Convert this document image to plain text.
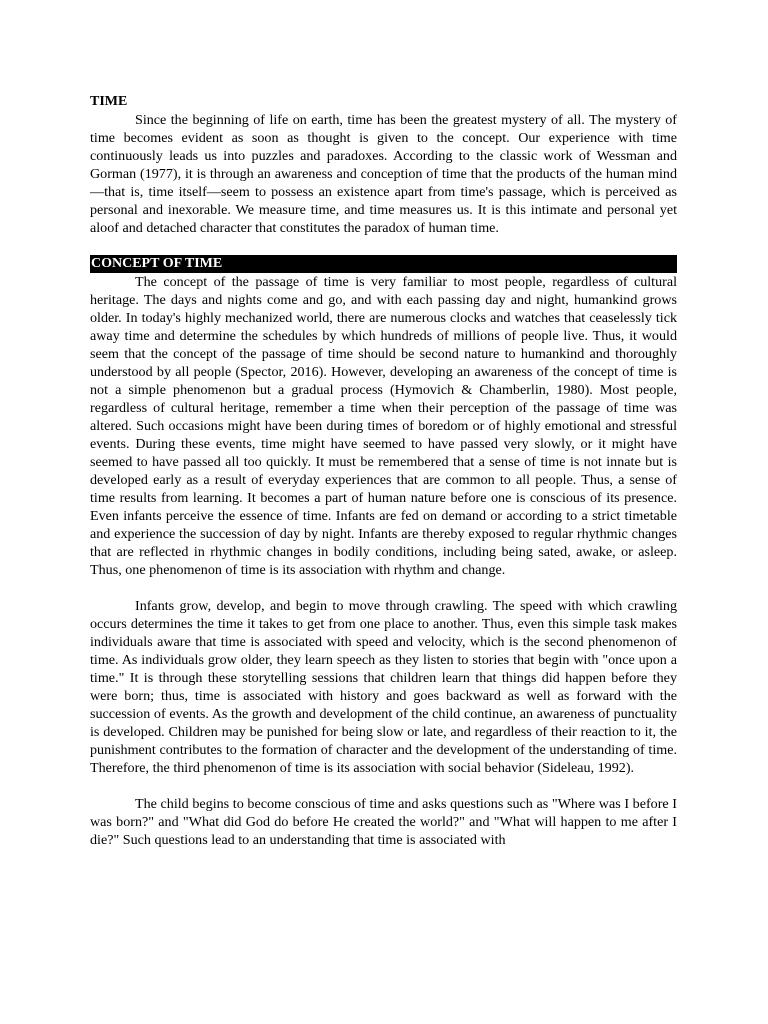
TIME

Since the beginning of life on earth, time has been the greatest mystery of all. The mystery of time becomes evident as soon as thought is given to the concept. Our experience with time continuously leads us into puzzles and paradoxes. According to the classic work of Wessman and Gorman (1977), it is through an awareness and conception of time that the products of the human mind—that is, time itself—seem to possess an existence apart from time's passage, which is perceived as personal and inexorable. We measure time, and time measures us. It is this intimate and personal yet aloof and detached character that constitutes the paradox of human time.

CONCEPT OF TIME

The concept of the passage of time is very familiar to most people, regardless of cultural heritage. The days and nights come and go, and with each passing day and night, humankind grows older. In today's highly mechanized world, there are numerous clocks and watches that ceaselessly tick away time and determine the schedules by which hundreds of millions of people live. Thus, it would seem that the concept of the passage of time should be second nature to humankind and thoroughly understood by all people (Spector, 2016). However, developing an awareness of the concept of time is not a simple phenomenon but a gradual process (Hymovich & Chamberlin, 1980). Most people, regardless of cultural heritage, remember a time when their perception of the passage of time was altered. Such occasions might have been during times of boredom or of highly emotional and stressful events. During these events, time might have seemed to have passed very slowly, or it might have seemed to have passed all too quickly. It must be remembered that a sense of time is not innate but is developed early as a result of everyday experiences that are common to all people. Thus, a sense of time results from learning. It becomes a part of human nature before one is conscious of its presence. Even infants perceive the essence of time. Infants are fed on demand or according to a strict timetable and experience the succession of day by night. Infants are thereby exposed to regular rhythmic changes that are reflected in rhythmic changes in bodily conditions, including being sated, awake, or asleep. Thus, one phenomenon of time is its association with rhythm and change.

Infants grow, develop, and begin to move through crawling. The speed with which crawling occurs determines the time it takes to get from one place to another. Thus, even this simple task makes individuals aware that time is associated with speed and velocity, which is the second phenomenon of time. As individuals grow older, they learn speech as they listen to stories that begin with "once upon a time." It is through these storytelling sessions that children learn that things did happen before they were born; thus, time is associated with history and goes backward as well as forward with the succession of events. As the growth and development of the child continue, an awareness of punctuality is developed. Children may be punished for being slow or late, and regardless of their reaction to it, the punishment contributes to the formation of character and the development of the understanding of time. Therefore, the third phenomenon of time is its association with social behavior (Sideleau, 1992).

The child begins to become conscious of time and asks questions such as "Where was I before I was born?" and "What did God do before He created the world?" and "What will happen to me after I die?" Such questions lead to an understanding that time is associated with
